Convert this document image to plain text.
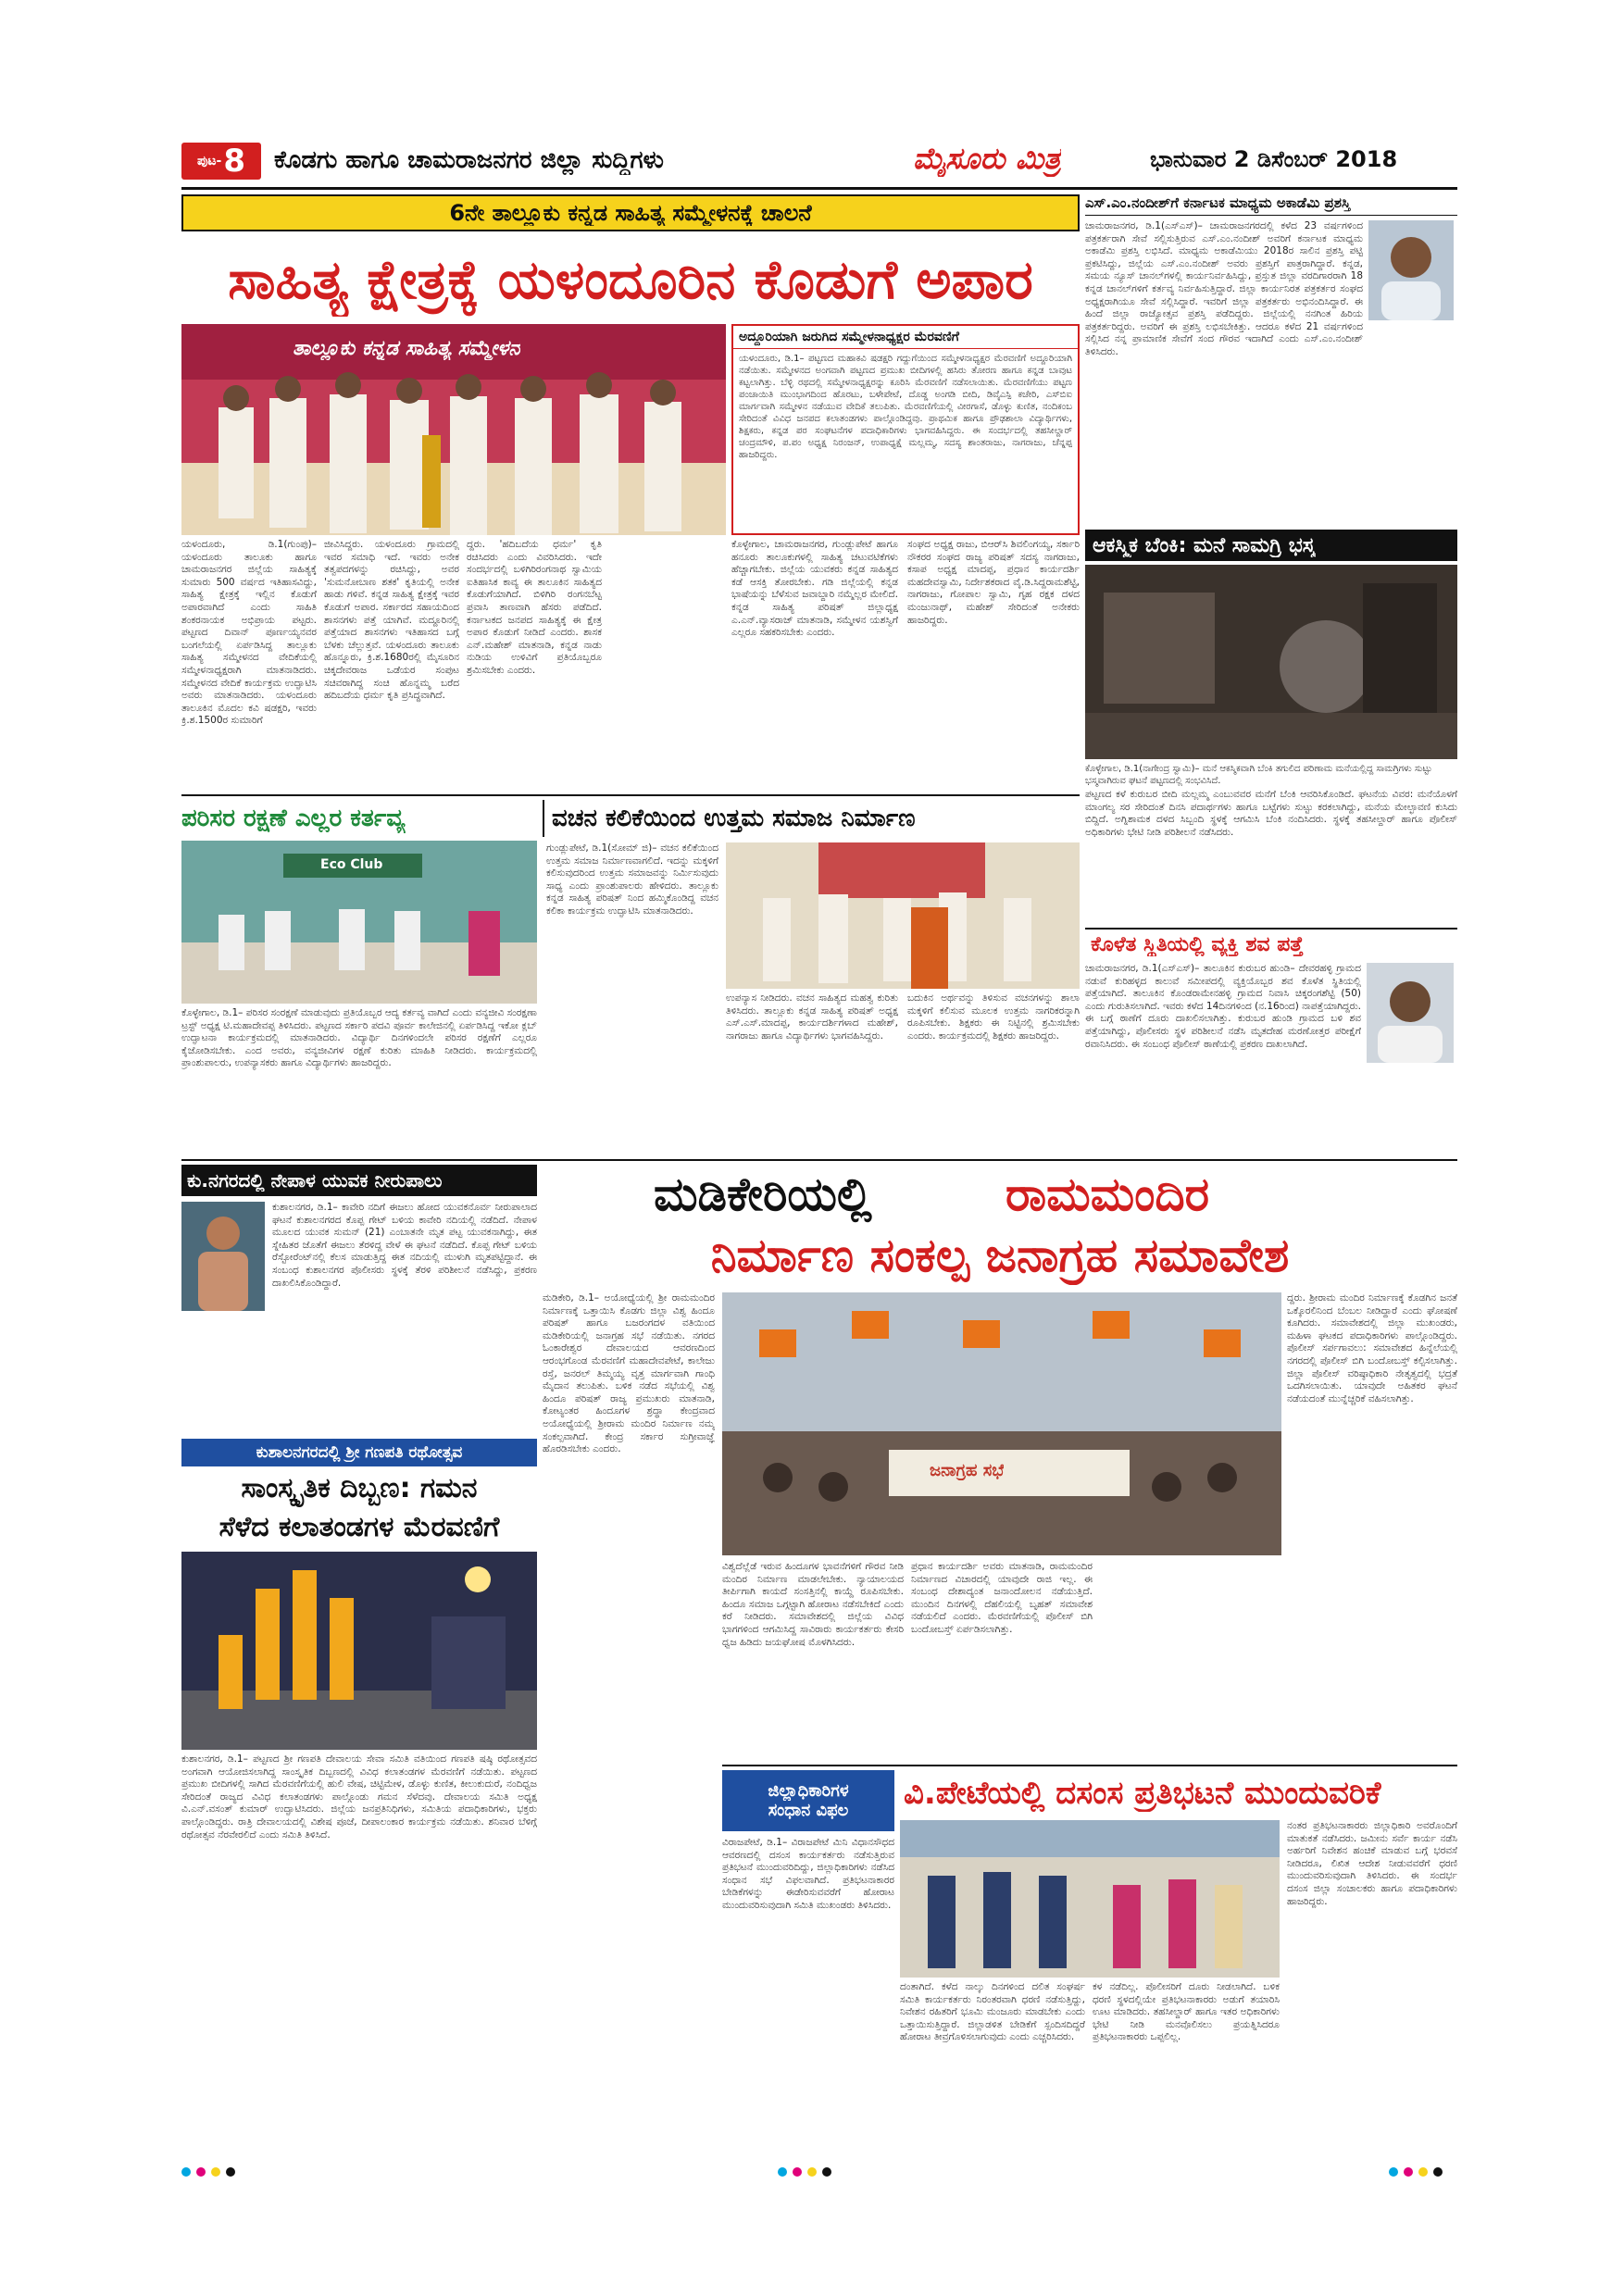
ಪುಟ- 8 ಕೊಡಗು ಹಾಗೂ ಚಾಮರಾಜನಗರ ಜಿಲ್ಲಾ ಸುದ್ದಿಗಳು	ಮೈಸೂರು ಮಿತ್ರ	ಭಾನುವಾರ 2 ಡಿಸೆಂಬರ್ 2018
6ನೇ ತಾಲ್ಲೂಕು ಕನ್ನಡ ಸಾಹಿತ್ಯ ಸಮ್ಮೇಳನಕ್ಕೆ ಚಾಲನೆ
ಸಾಹಿತ್ಯ ಕ್ಷೇತ್ರಕ್ಕೆ ಯಳಂದೂರಿನ ಕೊಡುಗೆ ಅಪಾರ
ತಾಲ್ಲೂಕು ಕನ್ನಡ ಸಾಹಿತ್ಯ ಸಮ್ಮೇಳನ
ಯಳಂದೂರು, ಡಿ.1(ಗುಂಪು)– ಯಳಂದೂರು ತಾಲೂಕು ಹಾಗೂ ಚಾಮರಾಜನಗರ ಜಿಲ್ಲೆಯ ಸಾಹಿತ್ಯಕ್ಕೆ ಸುಮಾರು 500 ವರ್ಷದ ಇತಿಹಾಸವಿದ್ದು, ಸಾಹಿತ್ಯ ಕ್ಷೇತ್ರಕ್ಕೆ ಇಲ್ಲಿನ ಕೊಡುಗೆ ಅಪಾರವಾಗಿದೆ ಎಂದು ಸಾಹಿತಿ ಶಂಕರನಾಯಕ ಅಭಿಪ್ರಾಯ ಪಟ್ಟರು. ಪಟ್ಟಣದ ದಿವಾನ್ ಪೂರ್ಣಯ್ಯನವರ ಬಂಗಲೆಯಲ್ಲಿ ಏರ್ಪಡಿಸಿದ್ದ ತಾಲ್ಲೂಕು ಸಾಹಿತ್ಯ ಸಮ್ಮೇಳನದ ವೇದಿಕೆಯಲ್ಲಿ ಸಮ್ಮೇಳನಾಧ್ಯಕ್ಷರಾಗಿ ಮಾತನಾಡಿದರು. ಸಮ್ಮೇಳನದ ವೇದಿಕೆ ಕಾರ್ಯಕ್ರಮ ಉದ್ಘಾಟಿಸಿ ಅವರು ಮಾತನಾಡಿದರು. ಯಳಂದೂರು ತಾಲೂಕಿನ ಮೊದಲ ಕವಿ ಷಡಕ್ಷರಿ, ಇವರು ಕ್ರಿ.ಶ.1500ರ ಸುಮಾರಿಗೆ
ಜೀವಿಸಿದ್ದರು. ಯಳಂದೂರು ಗ್ರಾಮದಲ್ಲಿ ಇವರ ಸಮಾಧಿ ಇದೆ. ಇವರು ಅನೇಕ ತತ್ವಪದಗಳನ್ನು ರಚಿಸಿದ್ದು, ಅವರ 'ಸುಮನೋಬಾಣ ಶತಕ' ಕೃತಿಯಲ್ಲಿ ಅನೇಕ ಹಾಡು ಗಳಿವೆ. ಕನ್ನಡ ಸಾಹಿತ್ಯ ಕ್ಷೇತ್ರಕ್ಕೆ ಇವರ ಕೊಡುಗೆ ಅಪಾರ. ಸರ್ಕಾರದ ಸಹಾಯದಿಂದ ಶಾಸನಗಳು ಪತ್ತೆ ಯಾಗಿವೆ. ಮದ್ದೂರಿನಲ್ಲಿ ಪತ್ತೆಯಾದ ಶಾಸನಗಳು ಇತಿಹಾಸದ ಬಗ್ಗೆ ಬೆಳಕು ಚೆಲ್ಲುತ್ತವೆ. ಯಳಂದೂರು ತಾಲೂಕು ಹೊನ್ನೂರು, ಕ್ರಿ.ಶ.1680ರಲ್ಲಿ ಮೈಸೂರಿನ ಚಿಕ್ಕದೇವರಾಜ ಒಡೆಯರ ಸಂಪುಟ ಸಚಿವರಾಗಿದ್ದ ಸಂಚಿ ಹೊನ್ನಮ್ಮ ಬರೆದ ಹದಿಬದೆಯ ಧರ್ಮ ಕೃತಿ ಪ್ರಸಿದ್ಧವಾಗಿದೆ.
ದ್ದರು. 'ಹದಿಬದೆಯ ಧರ್ಮ' ಕೃತಿ ರಚಿಸಿದರು ಎಂದು ವಿವರಿಸಿದರು. ಇದೇ ಸಂದರ್ಭದಲ್ಲಿ ಬಳಿಗಿರಿರಂಗನಾಥ ಸ್ವಾಮಿಯ ಐತಿಹಾಸಿಕ ಕಾವ್ಯ ಈ ತಾಲೂಕಿನ ಸಾಹಿತ್ಯದ ಕೊಡುಗೆಯಾಗಿದೆ. ಬಿಳಿಗಿರಿ ರಂಗನಬೆಟ್ಟ ಪ್ರವಾಸಿ ತಾಣವಾಗಿ ಹೆಸರು ಪಡೆದಿದೆ. ಕರ್ನಾಟಕದ ಜನಪದ ಸಾಹಿತ್ಯಕ್ಕೆ ಈ ಕ್ಷೇತ್ರ ಅಪಾರ ಕೊಡುಗೆ ನೀಡಿದೆ ಎಂದರು. ಶಾಸಕ ಎನ್.ಮಹೇಶ್ ಮಾತನಾಡಿ, ಕನ್ನಡ ನಾಡು ನುಡಿಯ ಉಳಿವಿಗೆ ಪ್ರತಿಯೊಬ್ಬರೂ ಶ್ರಮಿಸಬೇಕು ಎಂದರು.
ಕೊಳ್ಳೇಗಾಲ, ಚಾಮರಾಜನಗರ, ಗುಂಡ್ಲುಪೇಟೆ ಹಾಗೂ ಹನೂರು ತಾಲೂಕುಗಳಲ್ಲಿ ಸಾಹಿತ್ಯ ಚಟುವಟಿಕೆಗಳು ಹೆಚ್ಚಾಗಬೇಕು. ಜಿಲ್ಲೆಯ ಯುವಕರು ಕನ್ನಡ ಸಾಹಿತ್ಯದ ಕಡೆ ಆಸಕ್ತಿ ತೋರಬೇಕು. ಗಡಿ ಜಿಲ್ಲೆಯಲ್ಲಿ ಕನ್ನಡ ಭಾಷೆಯನ್ನು ಬೆಳೆಸುವ ಜವಾಬ್ದಾರಿ ನಮ್ಮೆಲ್ಲರ ಮೇಲಿದೆ. ಕನ್ನಡ ಸಾಹಿತ್ಯ ಪರಿಷತ್ ಜಿಲ್ಲಾಧ್ಯಕ್ಷ ಎ.ಎನ್.ವ್ಯಾಸರಾಜ್ ಮಾತನಾಡಿ, ಸಮ್ಮೇಳನ ಯಶಸ್ವಿಗೆ ಎಲ್ಲರೂ ಸಹಕರಿಸಬೇಕು ಎಂದರು.
ಸಂಘದ ಅಧ್ಯಕ್ಷ ರಾಜು, ಬಿಆರ್‌ಸಿ ಶಿವಲಿಂಗಯ್ಯ, ಸರ್ಕಾರಿ ನೌಕರರ ಸಂಘದ ರಾಜ್ಯ ಪರಿಷತ್ ಸದಸ್ಯ ನಾಗರಾಜು, ಕಸಾಪ ಅಧ್ಯಕ್ಷ ಮಾದಪ್ಪ, ಪ್ರಧಾನ ಕಾರ್ಯದರ್ಶಿ ಮಹದೇವಸ್ವಾಮಿ, ನಿರ್ದೇಶಕರಾದ ವೈ.ಡಿ.ಸಿದ್ದರಾಮಶೆಟ್ಟಿ, ನಾಗರಾಜು, ಗೋಪಾಲ ಸ್ವಾಮಿ, ಗೃಹ ರಕ್ಷಕ ದಳದ ಮಂಜುನಾಥ್, ಮಹೇಶ್ ಸೇರಿದಂತೆ ಅನೇಕರು ಹಾಜರಿದ್ದರು.
ಅದ್ದೂರಿಯಾಗಿ ಜರುಗಿದ ಸಮ್ಮೇಳನಾಧ್ಯಕ್ಷರ ಮೆರವಣಿಗೆ
ಯಳಂದೂರು, ಡಿ.1– ಪಟ್ಟಣದ ಮಹಾಕವಿ ಷಡಕ್ಷರಿ ಗದ್ದುಗೆಯಿಂದ ಸಮ್ಮೇಳನಾಧ್ಯಕ್ಷರ ಮೆರವಣಿಗೆ ಅದ್ದೂರಿಯಾಗಿ ನಡೆಯಿತು. ಸಮ್ಮೇಳನದ ಅಂಗವಾಗಿ ಪಟ್ಟಣದ ಪ್ರಮುಖ ಬೀದಿಗಳಲ್ಲಿ ಹಸಿರು ತೋರಣ ಹಾಗೂ ಕನ್ನಡ ಬಾವುಟ ಕಟ್ಟಲಾಗಿತ್ತು. ಬೆಳ್ಳಿ ರಥದಲ್ಲಿ ಸಮ್ಮೇಳನಾಧ್ಯಕ್ಷರನ್ನು ಕೂರಿಸಿ ಮೆರವಣಿಗೆ ನಡೆಸಲಾಯಿತು. ಮೆರವಣಿಗೆಯು ಪಟ್ಟಣ ಪಂಚಾಯಿತಿ ಮುಂಭಾಗದಿಂದ ಹೊರಟು, ಬಳೇಪೇಟೆ, ದೊಡ್ಡ ಅಂಗಡಿ ಬೀದಿ, ಡಿವೈಎಸ್ಪಿ ಕಚೇರಿ, ಎಸ್‌ಬಿಐ ಮಾರ್ಗವಾಗಿ ಸಮ್ಮೇಳನ ನಡೆಯುವ ವೇದಿಕೆ ತಲುಪಿತು. ಮೆರವಣಿಗೆಯಲ್ಲಿ ವೀರಗಾಸೆ, ಡೊಳ್ಳು ಕುಣಿತ, ನಂದಿಕಂಬ ಸೇರಿದಂತೆ ವಿವಿಧ ಜನಪದ ಕಲಾತಂಡಗಳು ಪಾಲ್ಗೊಂಡಿದ್ದವು. ಪ್ರಾಥಮಿಕ ಹಾಗೂ ಪ್ರೌಢಶಾಲಾ ವಿದ್ಯಾರ್ಥಿಗಳು, ಶಿಕ್ಷಕರು, ಕನ್ನಡ ಪರ ಸಂಘಟನೆಗಳ ಪದಾಧಿಕಾರಿಗಳು ಭಾಗವಹಿಸಿದ್ದರು. ಈ ಸಂದರ್ಭದಲ್ಲಿ ತಹಸೀಲ್ದಾರ್ ಚಂದ್ರಮೌಳಿ, ಪ.ಪಂ ಅಧ್ಯಕ್ಷ ನಿರಂಜನ್, ಉಪಾಧ್ಯಕ್ಷೆ ಮಲ್ಲಮ್ಮ, ಸದಸ್ಯ ಶಾಂತರಾಜು, ನಾಗರಾಜು, ಚೆನ್ನಪ್ಪ ಹಾಜರಿದ್ದರು.
ಎಸ್.ಎಂ.ನಂದೀಶ್‌ಗೆ ಕರ್ನಾಟಕ ಮಾಧ್ಯಮ ಅಕಾಡೆಮಿ ಪ್ರಶಸ್ತಿ
ಚಾಮರಾಜನಗರ, ಡಿ.1(ಎಸ್‌ಎಸ್)– ಚಾಮರಾಜನಗರದಲ್ಲಿ ಕಳೆದ 23 ವರ್ಷಗಳಿಂದ ಪತ್ರಕರ್ತರಾಗಿ ಸೇವೆ ಸಲ್ಲಿಸುತ್ತಿರುವ ಎಸ್.ಎಂ.ನಂದೀಶ್ ಅವರಿಗೆ ಕರ್ನಾಟಕ ಮಾಧ್ಯಮ ಅಕಾಡೆಮಿ ಪ್ರಶಸ್ತಿ ಲಭಿಸಿದೆ. ಮಾಧ್ಯಮ ಅಕಾಡೆಮಿಯು 2018ರ ಸಾಲಿನ ಪ್ರಶಸ್ತಿ ಪಟ್ಟಿ ಪ್ರಕಟಿಸಿದ್ದು, ಜಿಲ್ಲೆಯ ಎಸ್.ಎಂ.ನಂದೀಶ್ ಅವರು ಪ್ರಶಸ್ತಿಗೆ ಪಾತ್ರರಾಗಿದ್ದಾರೆ. ಕನ್ನಡ, ಸಮಯ ನ್ಯೂಸ್ ಚಾನಲ್‌ಗಳಲ್ಲಿ ಕಾರ್ಯನಿರ್ವಹಿಸಿದ್ದು, ಪ್ರಸ್ತುತ ಜಿಲ್ಲಾ ವರದಿಗಾರರಾಗಿ 18 ಕನ್ನಡ ಚಾನಲ್‌ಗಳಿಗೆ ಕರ್ತವ್ಯ ನಿರ್ವಹಿಸುತ್ತಿದ್ದಾರೆ. ಜಿಲ್ಲಾ ಕಾರ್ಯನಿರತ ಪತ್ರಕರ್ತರ ಸಂಘದ ಅಧ್ಯಕ್ಷರಾಗಿಯೂ ಸೇವೆ ಸಲ್ಲಿಸಿದ್ದಾರೆ. ಇವರಿಗೆ ಜಿಲ್ಲಾ ಪತ್ರಕರ್ತರು ಅಭಿನಂದಿಸಿದ್ದಾರೆ. ಈ ಹಿಂದೆ ಜಿಲ್ಲಾ ರಾಜ್ಯೋತ್ಸವ ಪ್ರಶಸ್ತಿ ಪಡೆದಿದ್ದರು. ಜಿಲ್ಲೆಯಲ್ಲಿ ನನಗಿಂತ ಹಿರಿಯ ಪತ್ರಕರ್ತರಿದ್ದರು. ಅವರಿಗೆ ಈ ಪ್ರಶಸ್ತಿ ಲಭಿಸಬೇಕಿತ್ತು. ಆದರೂ ಕಳೆದ 21 ವರ್ಷಗಳಿಂದ ಸಲ್ಲಿಸಿದ ನನ್ನ ಪ್ರಾಮಾಣಿಕ ಸೇವೆಗೆ ಸಂದ ಗೌರವ ಇದಾಗಿದೆ ಎಂದು ಎಸ್.ಎಂ.ನಂದೀಶ್ ತಿಳಿಸಿದರು.
ಆಕಸ್ಮಿಕ ಬೆಂಕಿ: ಮನೆ ಸಾಮಗ್ರಿ ಭಸ್ಮ
ಕೊಳ್ಳೇಗಾಲ, ಡಿ.1(ನಾಗೇಂದ್ರ ಸ್ವಾಮಿ)– ಮನೆ ಆಕಸ್ಮಿಕವಾಗಿ ಬೆಂಕಿ ತಗುಲಿದ ಪರಿಣಾಮ ಮನೆಯಲ್ಲಿದ್ದ ಸಾಮಗ್ರಿಗಳು ಸುಟ್ಟು ಭಸ್ಮವಾಗಿರುವ ಘಟನೆ ಪಟ್ಟಣದಲ್ಲಿ ಸಂಭವಿಸಿದೆ.
ಪಟ್ಟಣದ ಕಳೆ ಕುರುಬರ ಬೀದಿ ಮಲ್ಲಮ್ಮ ಎಂಬುವವರ ಮನೆಗೆ ಬೆಂಕಿ ಆವರಿಸಿಕೊಂಡಿದೆ. ಘಟನೆಯ ವಿವರ: ಮನೆಯೊಳಗೆ ಮಾಂಗಲ್ಯ ಸರ ಸೇರಿದಂತೆ ದಿನಸಿ ಪದಾರ್ಥಗಳು ಹಾಗೂ ಬಟ್ಟೆಗಳು ಸುಟ್ಟು ಕರಕಲಾಗಿದ್ದು, ಮನೆಯ ಮೇಲ್ಛಾವಣಿ ಕುಸಿದು ಬಿದ್ದಿದೆ. ಅಗ್ನಿಶಾಮಕ ದಳದ ಸಿಬ್ಬಂದಿ ಸ್ಥಳಕ್ಕೆ ಆಗಮಿಸಿ ಬೆಂಕಿ ನಂದಿಸಿದರು. ಸ್ಥಳಕ್ಕೆ ತಹಸೀಲ್ದಾರ್ ಹಾಗೂ ಪೊಲೀಸ್ ಅಧಿಕಾರಿಗಳು ಭೇಟಿ ನೀಡಿ ಪರಿಶೀಲನೆ ನಡೆಸಿದರು.
ಕೊಳೆತ ಸ್ಥಿತಿಯಲ್ಲಿ ವ್ಯಕ್ತಿ ಶವ ಪತ್ತೆ
ಚಾಮರಾಜನಗರ, ಡಿ.1(ಎಸ್‌ಎಸ್)– ತಾಲೂಕಿನ ಕುರುಬರ ಹುಂಡಿ– ದೇವರಹಳ್ಳಿ ಗ್ರಾಮದ ನಡುವೆ ಕುರಿಹಳ್ಳದ ಕಾಲುವೆ ಸಮೀಪದಲ್ಲಿ ವ್ಯಕ್ತಿಯೊಬ್ಬರ ಶವ ಕೊಳೆತ ಸ್ಥಿತಿಯಲ್ಲಿ ಪತ್ತೆಯಾಗಿದೆ. ತಾಲೂಕಿನ ಕೊಂಡರಾಮೇನಹಳ್ಳಿ ಗ್ರಾಮದ ನಿವಾಸಿ ಚಿಕ್ಕರಂಗಶೆಟ್ಟಿ (50) ಎಂದು ಗುರುತಿಸಲಾಗಿದೆ. ಇವರು ಕಳೆದ 14ದಿನಗಳಿಂದ (ನ.16ರಿಂದ) ನಾಪತ್ತೆಯಾಗಿದ್ದರು. ಈ ಬಗ್ಗೆ ಠಾಣೆಗೆ ದೂರು ದಾಖಲಿಸಲಾಗಿತ್ತು. ಕುರುಬರ ಹುಂಡಿ ಗ್ರಾಮದ ಬಳಿ ಶವ ಪತ್ತೆಯಾಗಿದ್ದು, ಪೊಲೀಸರು ಸ್ಥಳ ಪರಿಶೀಲನೆ ನಡೆಸಿ ಮೃತದೇಹ ಮರಣೋತ್ತರ ಪರೀಕ್ಷೆಗೆ ರವಾನಿಸಿದರು. ಈ ಸಂಬಂಧ ಪೊಲೀಸ್ ಠಾಣೆಯಲ್ಲಿ ಪ್ರಕರಣ ದಾಖಲಾಗಿದೆ.
ಪರಿಸರ ರಕ್ಷಣೆ ಎಲ್ಲರ ಕರ್ತವ್ಯ
Eco Club
ಕೊಳ್ಳೇಗಾಲ, ಡಿ.1– ಪರಿಸರ ಸಂರಕ್ಷಣೆ ಮಾಡುವುದು ಪ್ರತಿಯೊಬ್ಬರ ಆದ್ಯ ಕರ್ತವ್ಯ ವಾಗಿದೆ ಎಂದು ವನ್ಯಜೀವಿ ಸಂರಕ್ಷಣಾ ಟ್ರಸ್ಟ್ ಅಧ್ಯಕ್ಷ ಟಿ.ಮಹಾದೇವಪ್ಪ ತಿಳಿಸಿದರು. ಪಟ್ಟಣದ ಸರ್ಕಾರಿ ಪದವಿ ಪೂರ್ವ ಕಾಲೇಜಿನಲ್ಲಿ ಏರ್ಪಡಿಸಿದ್ದ ಇಕೋ ಕ್ಲಬ್ ಉದ್ಘಾಟನಾ ಕಾರ್ಯಕ್ರಮದಲ್ಲಿ ಮಾತನಾಡಿದರು. ವಿದ್ಯಾರ್ಥಿ ದಿನಗಳಿಂದಲೇ ಪರಿಸರ ರಕ್ಷಣೆಗೆ ಎಲ್ಲರೂ ಕೈಜೋಡಿಸಬೇಕು. ಎಂದ ಅವರು, ವನ್ಯಜೀವಿಗಳ ರಕ್ಷಣೆ ಕುರಿತು ಮಾಹಿತಿ ನೀಡಿದರು. ಕಾರ್ಯಕ್ರಮದಲ್ಲಿ ಪ್ರಾಂಶುಪಾಲರು, ಉಪನ್ಯಾಸಕರು ಹಾಗೂ ವಿದ್ಯಾರ್ಥಿಗಳು ಹಾಜರಿದ್ದರು.
ವಚನ ಕಲಿಕೆಯಿಂದ ಉತ್ತಮ ಸಮಾಜ ನಿರ್ಮಾಣ
ಗುಂಡ್ಲುಪೇಟೆ, ಡಿ.1(ಸೋಮ್ ಜಿ)– ವಚನ ಕಲಿಕೆಯಿಂದ ಉತ್ತಮ ಸಮಾಜ ನಿರ್ಮಾಣವಾಗಲಿದೆ. ಇದನ್ನು ಮಕ್ಕಳಿಗೆ ಕಲಿಸುವುದರಿಂದ ಉತ್ತಮ ಸಮಾಜವನ್ನು ನಿರ್ಮಿಸುವುದು ಸಾಧ್ಯ ಎಂದು ಪ್ರಾಂಶುಪಾಲರು ಹೇಳಿದರು. ತಾಲ್ಲೂಕು ಕನ್ನಡ ಸಾಹಿತ್ಯ ಪರಿಷತ್ ನಿಂದ ಹಮ್ಮಿಕೊಂಡಿದ್ದ ವಚನ ಕಲಿಕಾ ಕಾರ್ಯಕ್ರಮ ಉದ್ಘಾಟಿಸಿ ಮಾತನಾಡಿದರು.
ಉಪನ್ಯಾಸ ನೀಡಿದರು. ವಚನ ಸಾಹಿತ್ಯದ ಮಹತ್ವ ಕುರಿತು ತಿಳಿಸಿದರು. ತಾಲ್ಲೂಕು ಕನ್ನಡ ಸಾಹಿತ್ಯ ಪರಿಷತ್ ಅಧ್ಯಕ್ಷ ಎಸ್.ಎಸ್.ಮಾದಪ್ಪ, ಕಾರ್ಯದರ್ಶಿಗಳಾದ ಮಹೇಶ್, ನಾಗರಾಜು ಹಾಗೂ ವಿದ್ಯಾರ್ಥಿಗಳು ಭಾಗವಹಿಸಿದ್ದರು.
ಬದುಕಿನ ಅರ್ಥವನ್ನು ತಿಳಿಸುವ ವಚನಗಳನ್ನು ಶಾಲಾ ಮಕ್ಕಳಿಗೆ ಕಲಿಸುವ ಮೂಲಕ ಉತ್ತಮ ನಾಗರಿಕರನ್ನಾಗಿ ರೂಪಿಸಬೇಕು. ಶಿಕ್ಷಕರು ಈ ನಿಟ್ಟಿನಲ್ಲಿ ಶ್ರಮಿಸಬೇಕು ಎಂದರು. ಕಾರ್ಯಕ್ರಮದಲ್ಲಿ ಶಿಕ್ಷಕರು ಹಾಜರಿದ್ದರು.
ಕು.ನಗರದಲ್ಲಿ ನೇಪಾಳ ಯುವಕ ನೀರುಪಾಲು
ಕುಶಾಲನಗರ, ಡಿ.1– ಕಾವೇರಿ ನದಿಗೆ ಈಜಲು ಹೋದ ಯುವಕನೊರ್ವ ನೀರುಪಾಲಾದ ಘಟನೆ ಕುಶಾಲನಗರದ ಕೊಪ್ಪ ಗೇಟ್ ಬಳಿಯ ಕಾವೇರಿ ನದಿಯಲ್ಲಿ ನಡೆದಿದೆ. ನೇಪಾಳ ಮೂಲದ ಯುವಕ ಸುಮನ್ (21) ಎಂಬಾತನೇ ಮೃತ ಪಟ್ಟ ಯುವಕನಾಗಿದ್ದು, ಈತ ಸ್ನೇಹಿತರ ಜೊತೆಗೆ ಈಜಲು ತೆರಳಿದ್ದ ವೇಳೆ ಈ ಘಟನೆ ನಡೆದಿದೆ. ಕೊಪ್ಪ ಗೇಟ್ ಬಳಿಯ ರೆಸ್ಟೋರೆಂಟ್‌ನಲ್ಲಿ ಕೆಲಸ ಮಾಡುತ್ತಿದ್ದ ಈತ ನದಿಯಲ್ಲಿ ಮುಳುಗಿ ಮೃತಪಟ್ಟಿದ್ದಾನೆ. ಈ ಸಂಬಂಧ ಕುಶಾಲನಗರ ಪೊಲೀಸರು ಸ್ಥಳಕ್ಕೆ ತೆರಳಿ ಪರಿಶೀಲನೆ ನಡೆಸಿದ್ದು, ಪ್ರಕರಣ ದಾಖಲಿಸಿಕೊಂಡಿದ್ದಾರೆ.
ಕುಶಾಲನಗರದಲ್ಲಿ ಶ್ರೀ ಗಣಪತಿ ರಥೋತ್ಸವ
ಸಾಂಸ್ಕೃತಿಕ ದಿಬ್ಬಣ: ಗಮನ
ಸೆಳೆದ ಕಲಾತಂಡಗಳ ಮೆರವಣಿಗೆ
ಕುಶಾಲನಗರ, ಡಿ.1– ಪಟ್ಟಣದ ಶ್ರೀ ಗಣಪತಿ ದೇವಾಲಯ ಸೇವಾ ಸಮಿತಿ ವತಿಯಿಂದ ಗಣಪತಿ ಷಷ್ಠಿ ರಥೋತ್ಸವದ ಅಂಗವಾಗಿ ಆಯೋಜಿಸಲಾಗಿದ್ದ ಸಾಂಸ್ಕೃತಿಕ ದಿಬ್ಬಣದಲ್ಲಿ ವಿವಿಧ ಕಲಾತಂಡಗಳ ಮೆರವಣಿಗೆ ನಡೆಯಿತು. ಪಟ್ಟಣದ ಪ್ರಮುಖ ಬೀದಿಗಳಲ್ಲಿ ಸಾಗಿದ ಮೆರವಣಿಗೆಯಲ್ಲಿ ಹುಲಿ ವೇಷ, ಚಿಟ್ಟಿಮೇಳ, ಡೊಳ್ಳು ಕುಣಿತ, ಕೀಲುಕುದುರೆ, ನಂದಿಧ್ವಜ ಸೇರಿದಂತೆ ರಾಜ್ಯದ ವಿವಿಧ ಕಲಾತಂಡಗಳು ಪಾಲ್ಗೊಂಡು ಗಮನ ಸೆಳೆದವು. ದೇವಾಲಯ ಸಮಿತಿ ಅಧ್ಯಕ್ಷ ವಿ.ಎನ್.ವಸಂತ್ ಕುಮಾರ್ ಉದ್ಘಾಟಿಸಿದರು. ಜಿಲ್ಲೆಯ ಜನಪ್ರತಿನಿಧಿಗಳು, ಸಮಿತಿಯ ಪದಾಧಿಕಾರಿಗಳು, ಭಕ್ತರು ಪಾಲ್ಗೊಂಡಿದ್ದರು. ರಾತ್ರಿ ದೇವಾಲಯದಲ್ಲಿ ವಿಶೇಷ ಪೂಜೆ, ದೀಪಾಲಂಕಾರ ಕಾರ್ಯಕ್ರಮ ನಡೆಯಿತು. ಶನಿವಾರ ಬೆಳಿಗ್ಗೆ ರಥೋತ್ಸವ ನೆರವೇರಲಿದೆ ಎಂದು ಸಮಿತಿ ತಿಳಿಸಿದೆ.
ಮಡಿಕೇರಿಯಲ್ಲಿ	ರಾಮಮಂದಿರ
ನಿರ್ಮಾಣ ಸಂಕಲ್ಪ ಜನಾಗ್ರಹ ಸಮಾವೇಶ
ಮಡಿಕೇರಿ, ಡಿ.1– ಅಯೋಧ್ಯೆಯಲ್ಲಿ ಶ್ರೀ ರಾಮಮಂದಿರ ನಿರ್ಮಾಣಕ್ಕೆ ಒತ್ತಾಯಿಸಿ ಕೊಡಗು ಜಿಲ್ಲಾ ವಿಶ್ವ ಹಿಂದೂ ಪರಿಷತ್ ಹಾಗೂ ಬಜರಂಗದಳ ವತಿಯಿಂದ ಮಡಿಕೇರಿಯಲ್ಲಿ ಜನಾಗ್ರಹ ಸಭೆ ನಡೆಯಿತು. ನಗರದ ಓಂಕಾರೇಶ್ವರ ದೇವಾಲಯದ ಆವರಣದಿಂದ ಆರಂಭಗೊಂಡ ಮೆರವಣಿಗೆ ಮಹಾದೇವಪೇಟೆ, ಕಾಲೇಜು ರಸ್ತೆ, ಜನರಲ್ ತಿಮ್ಮಯ್ಯ ವೃತ್ತ ಮಾರ್ಗವಾಗಿ ಗಾಂಧಿ ಮೈದಾನ ತಲುಪಿತು. ಬಳಿಕ ನಡೆದ ಸಭೆಯಲ್ಲಿ ವಿಶ್ವ ಹಿಂದೂ ಪರಿಷತ್ ರಾಜ್ಯ ಪ್ರಮುಖರು ಮಾತನಾಡಿ, ಕೋಟ್ಯಂತರ ಹಿಂದೂಗಳ ಶ್ರದ್ಧಾ ಕೇಂದ್ರವಾದ ಅಯೋಧ್ಯೆಯಲ್ಲಿ ಶ್ರೀರಾಮ ಮಂದಿರ ನಿರ್ಮಾಣ ನಮ್ಮ ಸಂಕಲ್ಪವಾಗಿದೆ. ಕೇಂದ್ರ ಸರ್ಕಾರ ಸುಗ್ರೀವಾಜ್ಞೆ ಹೊರಡಿಸಬೇಕು ಎಂದರು.
ಜನಾಗ್ರಹ ಸಭೆ
ವಿಶ್ವದೆಲ್ಲೆಡೆ ಇರುವ ಹಿಂದೂಗಳ ಭಾವನೆಗಳಿಗೆ ಗೌರವ ನೀಡಿ ಮಂದಿರ ನಿರ್ಮಾಣ ಮಾಡಲೇಬೇಕು. ನ್ಯಾಯಾಲಯದ ತೀರ್ಪಿಗಾಗಿ ಕಾಯದೆ ಸಂಸತ್ತಿನಲ್ಲಿ ಕಾಯ್ದೆ ರೂಪಿಸಬೇಕು. ಹಿಂದೂ ಸಮಾಜ ಒಗ್ಗಟ್ಟಾಗಿ ಹೋರಾಟ ನಡೆಸಬೇಕಿದೆ ಎಂದು ಕರೆ ನೀಡಿದರು. ಸಮಾವೇಶದಲ್ಲಿ ಜಿಲ್ಲೆಯ ವಿವಿಧ ಭಾಗಗಳಿಂದ ಆಗಮಿಸಿದ್ದ ಸಾವಿರಾರು ಕಾರ್ಯಕರ್ತರು ಕೇಸರಿ ಧ್ವಜ ಹಿಡಿದು ಜಯಘೋಷ ಮೊಳಗಿಸಿದರು.
ಪ್ರಧಾನ ಕಾರ್ಯದರ್ಶಿ ಅವರು ಮಾತನಾಡಿ, ರಾಮಮಂದಿರ ನಿರ್ಮಾಣದ ವಿಚಾರದಲ್ಲಿ ಯಾವುದೇ ರಾಜಿ ಇಲ್ಲ. ಈ ಸಂಬಂಧ ದೇಶಾದ್ಯಂತ ಜನಾಂದೋಲನ ನಡೆಯುತ್ತಿದೆ. ಮುಂದಿನ ದಿನಗಳಲ್ಲಿ ದೆಹಲಿಯಲ್ಲಿ ಬೃಹತ್ ಸಮಾವೇಶ ನಡೆಯಲಿದೆ ಎಂದರು. ಮೆರವಣಿಗೆಯಲ್ಲಿ ಪೊಲೀಸ್ ಬಿಗಿ ಬಂದೋಬಸ್ತ್ ಏರ್ಪಡಿಸಲಾಗಿತ್ತು.
ದ್ದರು. ಶ್ರೀರಾಮ ಮಂದಿರ ನಿರ್ಮಾಣಕ್ಕೆ ಕೊಡಗಿನ ಜನತೆ ಒಕ್ಕೊರಲಿನಿಂದ ಬೆಂಬಲ ನೀಡಿದ್ದಾರೆ ಎಂದು ಘೋಷಣೆ ಕೂಗಿದರು. ಸಮಾವೇಶದಲ್ಲಿ ಜಿಲ್ಲಾ ಮುಖಂಡರು, ಮಹಿಳಾ ಘಟಕದ ಪದಾಧಿಕಾರಿಗಳು ಪಾಲ್ಗೊಂಡಿದ್ದರು. ಪೊಲೀಸ್ ಸರ್ಪಗಾವಲು: ಸಮಾವೇಶದ ಹಿನ್ನೆಲೆಯಲ್ಲಿ ನಗರದಲ್ಲಿ ಪೊಲೀಸ್ ಬಿಗಿ ಬಂದೋಬಸ್ತ್ ಕಲ್ಪಿಸಲಾಗಿತ್ತು. ಜಿಲ್ಲಾ ಪೊಲೀಸ್ ವರಿಷ್ಠಾಧಿಕಾರಿ ನೇತೃತ್ವದಲ್ಲಿ ಭದ್ರತೆ ಒದಗಿಸಲಾಯಿತು. ಯಾವುದೇ ಅಹಿತಕರ ಘಟನೆ ನಡೆಯದಂತೆ ಮುನ್ನೆಚ್ಚರಿಕೆ ವಹಿಸಲಾಗಿತ್ತು.
ಜಿಲ್ಲಾಧಿಕಾರಿಗಳ
ಸಂಧಾನ ವಿಫಲ
ವಿರಾಜಪೇಟೆ, ಡಿ.1– ವಿರಾಜಪೇಟೆ ಮಿನಿ ವಿಧಾನಸೌಧದ ಆವರಣದಲ್ಲಿ ದಸಂಸ ಕಾರ್ಯಕರ್ತರು ನಡೆಸುತ್ತಿರುವ ಪ್ರತಿಭಟನೆ ಮುಂದುವರಿದಿದ್ದು, ಜಿಲ್ಲಾಧಿಕಾರಿಗಳು ನಡೆಸಿದ ಸಂಧಾನ ಸಭೆ ವಿಫಲವಾಗಿದೆ. ಪ್ರತಿಭಟನಾಕಾರರ ಬೇಡಿಕೆಗಳನ್ನು ಈಡೇರಿಸುವವರೆಗೆ ಹೋರಾಟ ಮುಂದುವರಿಸುವುದಾಗಿ ಸಮಿತಿ ಮುಖಂಡರು ತಿಳಿಸಿದರು.
ವಿ.ಪೇಟೆಯಲ್ಲಿ ದಸಂಸ ಪ್ರತಿಭಟನೆ ಮುಂದುವರಿಕೆ
ನಂತರ ಪ್ರತಿಭಟನಾಕಾರರು ಜಿಲ್ಲಾಧಿಕಾರಿ ಅವರೊಂದಿಗೆ ಮಾತುಕತೆ ನಡೆಸಿದರು. ಜಮೀನು ಸರ್ವೆ ಕಾರ್ಯ ನಡೆಸಿ ಅರ್ಹರಿಗೆ ನಿವೇಶನ ಹಂಚಿಕೆ ಮಾಡುವ ಬಗ್ಗೆ ಭರವಸೆ ನೀಡಿದರೂ, ಲಿಖಿತ ಆದೇಶ ನೀಡುವವರೆಗೆ ಧರಣಿ ಮುಂದುವರಿಸುವುದಾಗಿ ತಿಳಿಸಿದರು. ಈ ಸಂದರ್ಭ ದಸಂಸ ಜಿಲ್ಲಾ ಸಂಚಾಲಕರು ಹಾಗೂ ಪದಾಧಿಕಾರಿಗಳು ಹಾಜರಿದ್ದರು.
ದಂತಾಗಿದೆ. ಕಳೆದ ನಾಲ್ಕು ದಿನಗಳಿಂದ ದಲಿತ ಸಂಘರ್ಷ ಸಮಿತಿ ಕಾರ್ಯಕರ್ತರು ನಿರಂತರವಾಗಿ ಧರಣಿ ನಡೆಸುತ್ತಿದ್ದು, ನಿವೇಶನ ರಹಿತರಿಗೆ ಭೂಮಿ ಮಂಜೂರು ಮಾಡಬೇಕು ಎಂದು ಒತ್ತಾಯಿಸುತ್ತಿದ್ದಾರೆ. ಜಿಲ್ಲಾಡಳಿತ ಬೇಡಿಕೆಗೆ ಸ್ಪಂದಿಸದಿದ್ದರೆ ಹೋರಾಟ ತೀವ್ರಗೊಳಿಸಲಾಗುವುದು ಎಂದು ಎಚ್ಚರಿಸಿದರು.
ಕಳ ನಡೆದಿಲ್ಲ. ಪೊಲೀಸರಿಗೆ ದೂರು ನೀಡಲಾಗಿದೆ. ಬಳಿಕ ಧರಣಿ ಸ್ಥಳದಲ್ಲಿಯೇ ಪ್ರತಿಭಟನಾಕಾರರು ಅಡುಗೆ ತಯಾರಿಸಿ ಊಟ ಮಾಡಿದರು. ತಹಸೀಲ್ದಾರ್ ಹಾಗೂ ಇತರ ಅಧಿಕಾರಿಗಳು ಭೇಟಿ ನೀಡಿ ಮನವೊಲಿಸಲು ಪ್ರಯತ್ನಿಸಿದರೂ ಪ್ರತಿಭಟನಾಕಾರರು ಒಪ್ಪಲಿಲ್ಲ.
